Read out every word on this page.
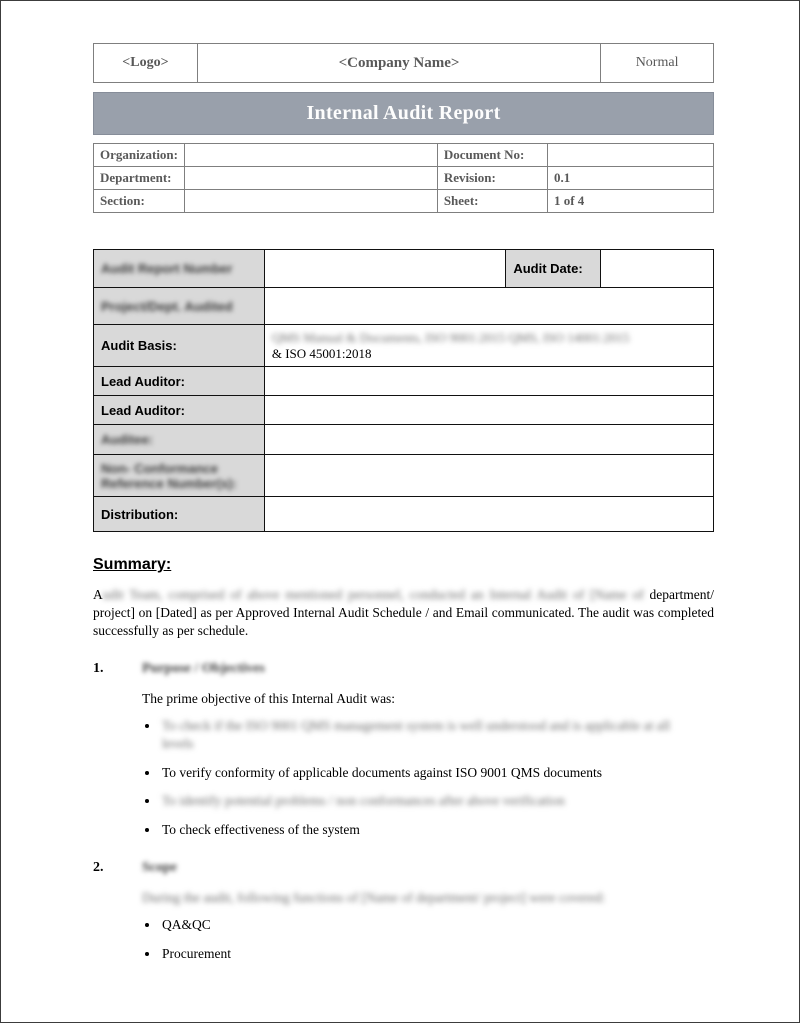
<Logo>	<Company Name>	Normal
Internal Audit Report
Organization:		Document No:	
Department:		Revision:	0.1
Section:		Sheet:	1 of 4
Audit Report Number		Audit Date:	
Project/Dept. Audited			
Audit Basis:	QMS Manual & Documents, ISO 9001:2015 QMS, ISO 14001:2015
& ISO 45001:2018		
Lead Auditor:			
Lead Auditor:			
Auditee:			
Non- Conformance Reference Number(s):			
Distribution:			
Summary:

Audit Team, comprised of above mentioned personnel, conducted an Internal Audit of [Name of department/ project] on [Dated] as per Approved Internal Audit Schedule / and Email communicated. The audit was completed successfully as per schedule.

1.	Purpose / Objectives
The prime objective of this Internal Audit was:
• To check if the ISO 9001 QMS management system is well understood and is applicable at all levels
• To verify conformity of applicable documents against ISO 9001 QMS documents
• To identify potential problems / non conformances after above verification
• To check effectiveness of the system
2.	Scope
During the audit, following functions of [Name of department/ project] were covered:
• QA&QC
• Procurement
